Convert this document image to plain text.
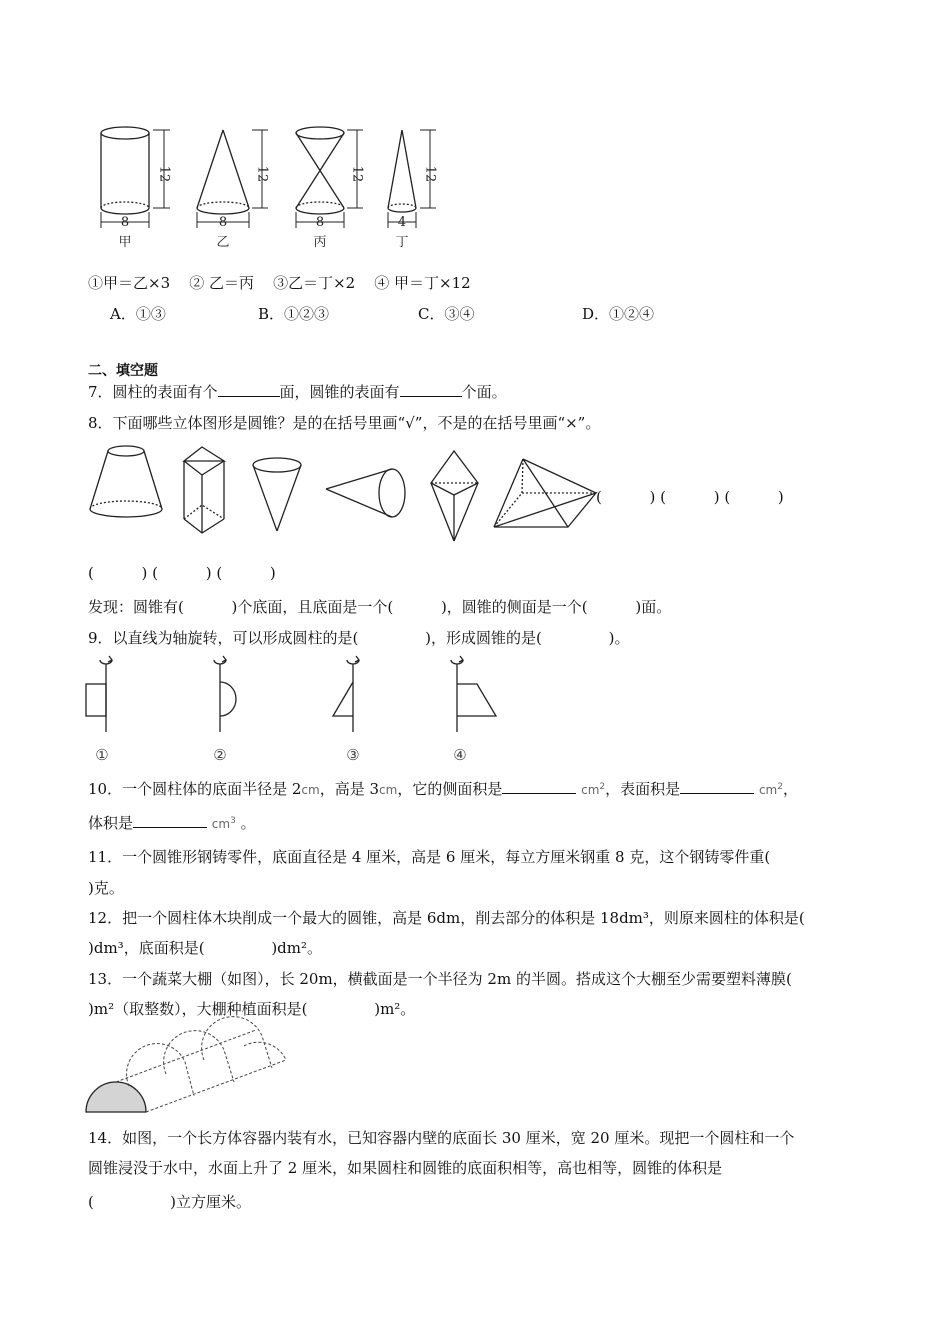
12	12	12	12
8	8	8	4
甲	乙	丙	丁
①甲＝乙×3 ② 乙＝丙 ③乙＝丁×2 ④ 甲＝丁×12
A．①③	B．①②③	C．③④	D．①②④
二、填空题
7．圆柱的表面有个	面，圆锥的表面有	个面。
8．下面哪些立体图形是圆锥？是的在括号里画“√”，不是的在括号里画“×”。
(          ) (          ) (          )
(          ) (          ) (          )
发现：圆锥有(	)个底面，且底面是一个(	)，圆锥的侧面是一个(	)面。
9．以直线为轴旋转，可以形成圆柱的是(	)，形成圆锥的是(	)。
①	②	③	④
10．一个圆柱体的底面半径是 2cm，高是 3cm，它的侧面积是	$cm^2$，表面积是	$cm^2$，
体积是	$cm^3$ 。
11．一个圆锥形钢铸零件，底面直径是 4 厘米，高是 6 厘米，每立方厘米钢重 8 克，这个钢铸零件重(
)克。
12．把一个圆柱体木块削成一个最大的圆锥，高是 6dm，削去部分的体积是 18dm³，则原来圆柱的体积是(
)dm³，底面积是(	)dm²。
13．一个蔬菜大棚（如图），长 20m，横截面是一个半径为 2m 的半圆。搭成这个大棚至少需要塑料薄膜(
)m²（取整数），大棚种植面积是(	)m²。
14．如图，一个长方体容器内装有水，已知容器内壁的底面长 30 厘米，宽 20 厘米。现把一个圆柱和一个
圆锥浸没于水中，水面上升了 2 厘米，如果圆柱和圆锥的底面积相等，高也相等，圆锥的体积是
(	)立方厘米。
